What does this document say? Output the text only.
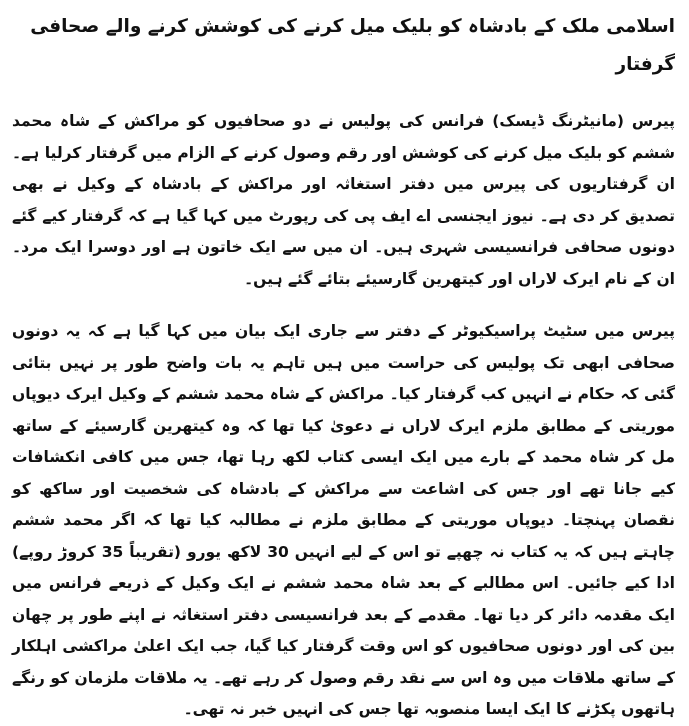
اسلامی ملک کے بادشاہ کو بلیک میل کرنے کی کوشش کرنے والے صحافی گرفتار

پیرس (مانیٹرنگ ڈیسک) فرانس کی پولیس نے دو صحافیوں کو مراکش کے شاہ محمد ششم کو بلیک میل کرنے کی کوشش اور رقم وصول کرنے کے الزام میں گرفتار کرلیا ہے۔ ان گرفتاریوں کی پیرس میں دفتر استغاثہ اور مراکش کے بادشاہ کے وکیل نے بھی تصدیق کر دی ہے۔ نیوز ایجنسی اے ایف پی کی رپورٹ میں کہا گیا ہے کہ گرفتار کیے گئے دونوں صحافی فرانسیسی شہری ہیں۔ ان میں سے ایک خاتون ہے اور دوسرا ایک مرد۔ ان کے نام ایرک لاراں اور کیتھرین گارسیئے بتائے گئے ہیں۔

پیرس میں سٹیٹ پراسیکیوٹر کے دفتر سے جاری ایک بیان میں کہا گیا ہے کہ یہ دونوں صحافی ابھی تک پولیس کی حراست میں ہیں تاہم یہ بات واضح طور پر نہیں بتائی گئی کہ حکام نے انہیں کب گرفتار کیا۔ مراکش کے شاہ محمد ششم کے وکیل ایرک دیوپاں موریتی کے مطابق ملزم ایرک لاراں نے دعویٰ کیا تھا کہ وہ کیتھرین گارسیئے کے ساتھ مل کر شاہ محمد کے بارے میں ایک ایسی کتاب لکھ رہا تھا، جس میں کافی انکشافات کیے جانا تھے اور جس کی اشاعت سے مراکش کے بادشاہ کی شخصیت اور ساکھ کو نقصان پہنچتا۔ دیوپاں موریتی کے مطابق ملزم نے مطالبہ کیا تھا کہ اگر محمد ششم چاہتے ہیں کہ یہ کتاب نہ چھپے تو اس کے لیے انہیں 30 لاکھ یورو (تقریباً 35 کروڑ روپے) ادا کیے جائیں۔ اس مطالبے کے بعد شاہ محمد ششم نے ایک وکیل کے ذریعے فرانس میں ایک مقدمہ دائر کر دیا تھا۔ مقدمے کے بعد فرانسیسی دفتر استغاثہ نے اپنے طور پر چھان بین کی اور دونوں صحافیوں کو اس وقت گرفتار کیا گیا، جب ایک اعلیٰ مراکشی اہلکار کے ساتھ ملاقات میں وہ اس سے نقد رقم وصول کر رہے تھے۔ یہ ملاقات ملزمان کو رنگے ہاتھوں پکڑنے کا ایک ایسا منصوبہ تھا جس کی انہیں خبر نہ تھی۔
